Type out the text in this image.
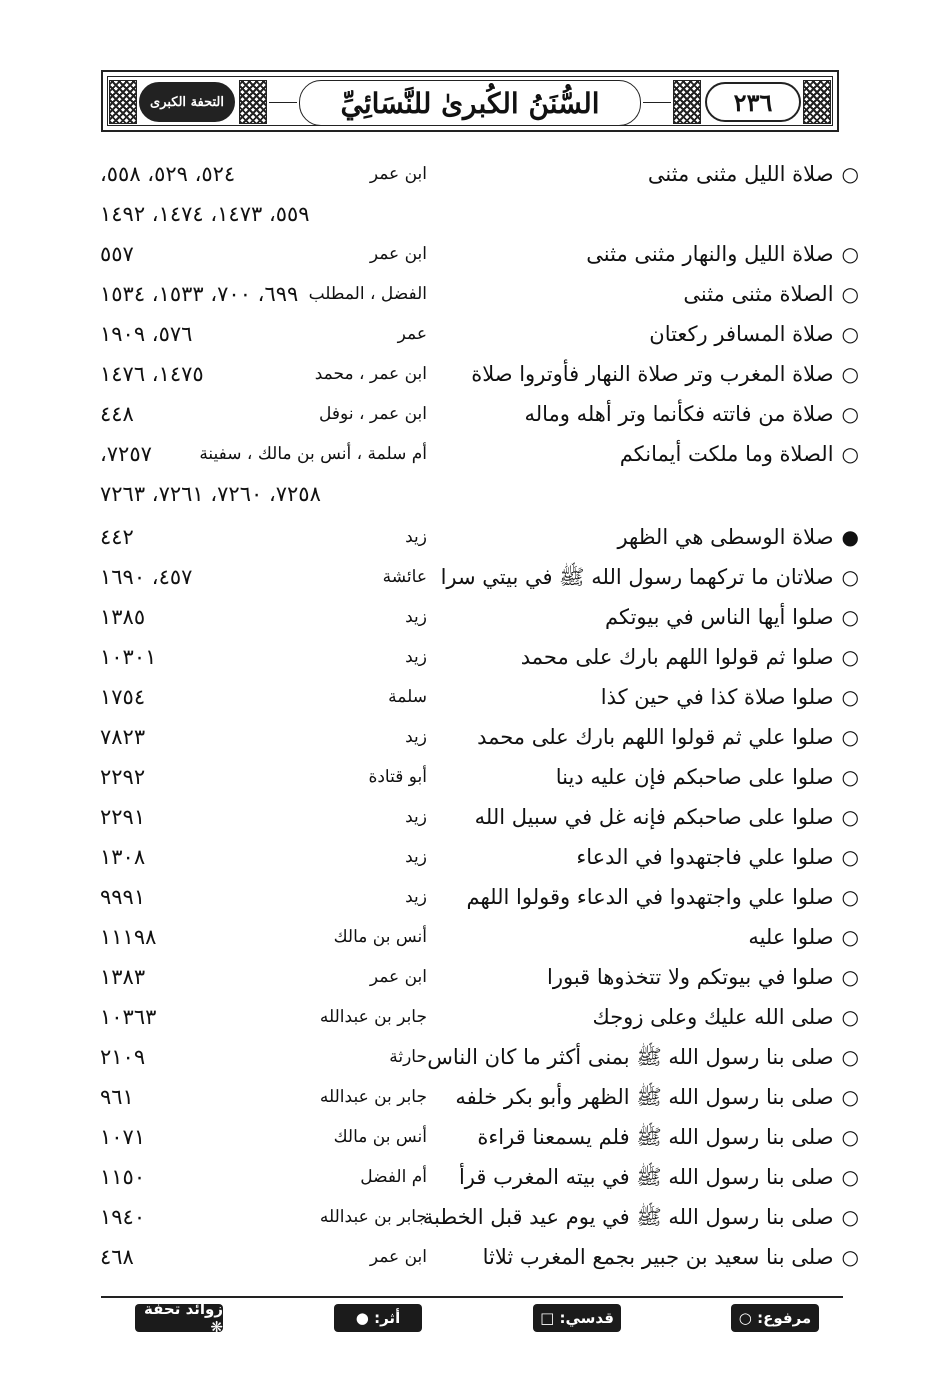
٢٣٦
السُّنَنُ الكُبرىٰ للنَّسَائِيِّ
التحفة الكبرى
○صلاة الليل مثنى مثنى
ابن عمر
٥٢٤، ٥٢٩، ٥٥٨،
٥٥٩، ١٤٧٣، ١٤٧٤، ١٤٩٢
○صلاة الليل والنهار مثنى مثنى
ابن عمر
٥٥٧
○الصلاة مثنى مثنى
الفضل ، المطلب
٦٩٩، ٧٠٠، ١٥٣٣، ١٥٣٤
○صلاة المسافر ركعتان
عمر
٥٧٦، ١٩٠٩
○صلاة المغرب وتر صلاة النهار فأوتروا صلاة
ابن عمر ، محمد
١٤٧٥، ١٤٧٦
○صلاة من فاتته فكأنما وتر أهله وماله
ابن عمر ، نوفل
٤٤٨
○الصلاة وما ملكت أيمانكم
أم سلمة ، أنس بن مالك ، سفينة
٧٢٥٧،
٧٢٥٨، ٧٢٦٠، ٧٢٦١، ٧٢٦٣
●صلاة الوسطى هي الظهر
زيد
٤٤٢
○صلاتان ما تركهما رسول الله ﷺ في بيتي سرا
عائشة
٤٥٧، ١٦٩٠
○صلوا أيها الناس في بيوتكم
زيد
١٣٨٥
○صلوا ثم قولوا اللهم بارك على محمد
زيد
١٠٣٠١
○صلوا صلاة كذا في حين كذا
سلمة
١٧٥٤
○صلوا علي ثم قولوا اللهم بارك على محمد
زيد
٧٨٢٣
○صلوا على صاحبكم فإن عليه دينا
أبو قتادة
٢٢٩٢
○صلوا على صاحبكم فإنه غل في سبيل الله
زيد
٢٢٩١
○صلوا علي فاجتهدوا في الدعاء
زيد
١٣٠٨
○صلوا علي واجتهدوا في الدعاء وقولوا اللهم
زيد
٩٩٩١
○صلوا عليه
أنس بن مالك
١١١٩٨
○صلوا في بيوتكم ولا تتخذوها قبورا
ابن عمر
١٣٨٣
○صلى الله عليك وعلى زوجك
جابر بن عبدالله
١٠٣٦٣
○صلى بنا رسول الله ﷺ بمنى أكثر ما كان الناس
حارثة
٢١٠٩
○صلى بنا رسول الله ﷺ الظهر وأبو بكر خلفه
جابر بن عبدالله
٩٦١
○صلى بنا رسول الله ﷺ فلم يسمعنا قراءة
أنس بن مالك
١٠٧١
○صلى بنا رسول الله ﷺ في بيته المغرب قرأ
أم الفضل
١١٥٠
○صلى بنا رسول الله ﷺ في يوم عيد قبل الخطبة
جابر بن عبدالله
١٩٤٠
○صلى بنا سعيد بن جبير بجمع المغرب ثلاثا
ابن عمر
٤٦٨
مرفوع: ○
قدسي: □
أثر: ●
زوائد تحفة ❋
